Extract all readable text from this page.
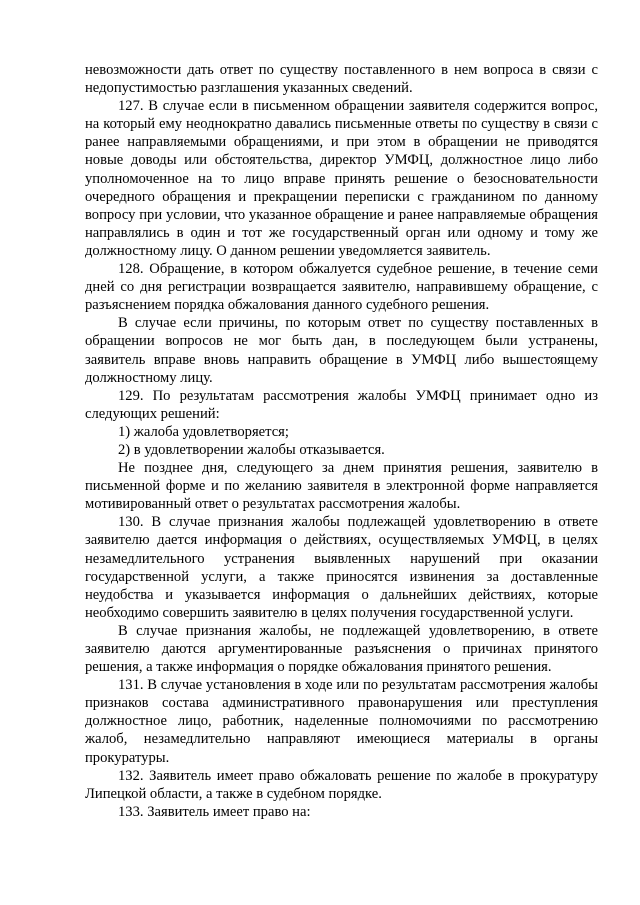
невозможности дать ответ по существу поставленного в нем вопроса в связи с недопустимостью разглашения указанных сведений.

127. В случае если в письменном обращении заявителя содержится вопрос, на который ему неоднократно давались письменные ответы по существу в связи с ранее направляемыми обращениями, и при этом в обращении не приводятся новые доводы или обстоятельства, директор УМФЦ, должностное лицо либо уполномоченное на то лицо вправе принять решение о безосновательности очередного обращения и прекращении переписки с гражданином по данному вопросу при условии, что указанное обращение и ранее направляемые обращения направлялись в один и тот же государственный орган или одному и тому же должностному лицу. О данном решении уведомляется заявитель.

128. Обращение, в котором обжалуется судебное решение, в течение семи дней со дня регистрации возвращается заявителю, направившему обращение, с разъяснением порядка обжалования данного судебного решения.

В случае если причины, по которым ответ по существу поставленных в обращении вопросов не мог быть дан, в последующем были устранены, заявитель вправе вновь направить обращение в УМФЦ либо вышестоящему должностному лицу.

129. По результатам рассмотрения жалобы УМФЦ принимает одно из следующих решений:

1) жалоба удовлетворяется;

2) в удовлетворении жалобы отказывается.

Не позднее дня, следующего за днем принятия решения, заявителю в письменной форме и по желанию заявителя в электронной форме направляется мотивированный ответ о результатах рассмотрения жалобы.

130. В случае признания жалобы подлежащей удовлетворению в ответе заявителю дается информация о действиях, осуществляемых УМФЦ, в целях незамедлительного устранения выявленных нарушений при оказании государственной услуги, а также приносятся извинения за доставленные неудобства и указывается информация о дальнейших действиях, которые необходимо совершить заявителю в целях получения государственной услуги.

В случае признания жалобы, не подлежащей удовлетворению, в ответе заявителю даются аргументированные разъяснения о причинах принятого решения, а также информация о порядке обжалования принятого решения.

131. В случае установления в ходе или по результатам рассмотрения жалобы признаков состава административного правонарушения или преступления должностное лицо, работник, наделенные полномочиями по рассмотрению жалоб, незамедлительно направляют имеющиеся материалы в органы прокуратуры.

132. Заявитель имеет право обжаловать решение по жалобе в прокуратуру Липецкой области, а также в судебном порядке.

133. Заявитель имеет право на:
